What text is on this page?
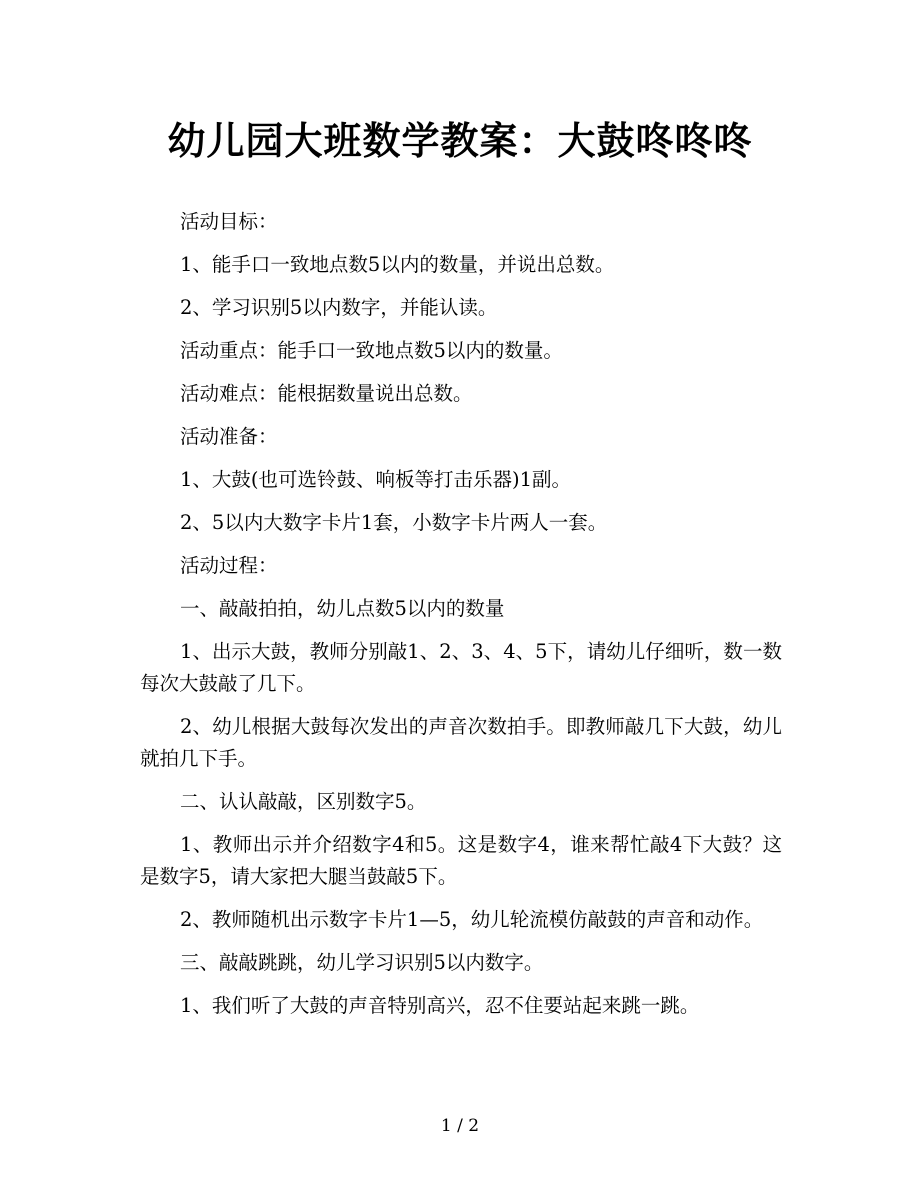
幼儿园大班数学教案：大鼓咚咚咚

活动目标：

1、能手口一致地点数5以内的数量，并说出总数。

2、学习识别5以内数字，并能认读。

活动重点：能手口一致地点数5以内的数量。

活动难点：能根据数量说出总数。

活动准备：

1、大鼓(也可选铃鼓、响板等打击乐器)1副。

2、5以内大数字卡片1套，小数字卡片两人一套。

活动过程：

一、敲敲拍拍，幼儿点数5以内的数量

1、出示大鼓，教师分别敲1、2、3、4、5下，请幼儿仔细听，数一数每次大鼓敲了几下。

2、幼儿根据大鼓每次发出的声音次数拍手。即教师敲几下大鼓，幼儿就拍几下手。

二、认认敲敲，区别数字5。

1、教师出示并介绍数字4和5。这是数字4，谁来帮忙敲4下大鼓？这是数字5，请大家把大腿当鼓敲5下。

2、教师随机出示数字卡片1—5，幼儿轮流模仿敲鼓的声音和动作。

三、敲敲跳跳，幼儿学习识别5以内数字。

1、我们听了大鼓的声音特别高兴，忍不住要站起来跳一跳。

1 / 2
